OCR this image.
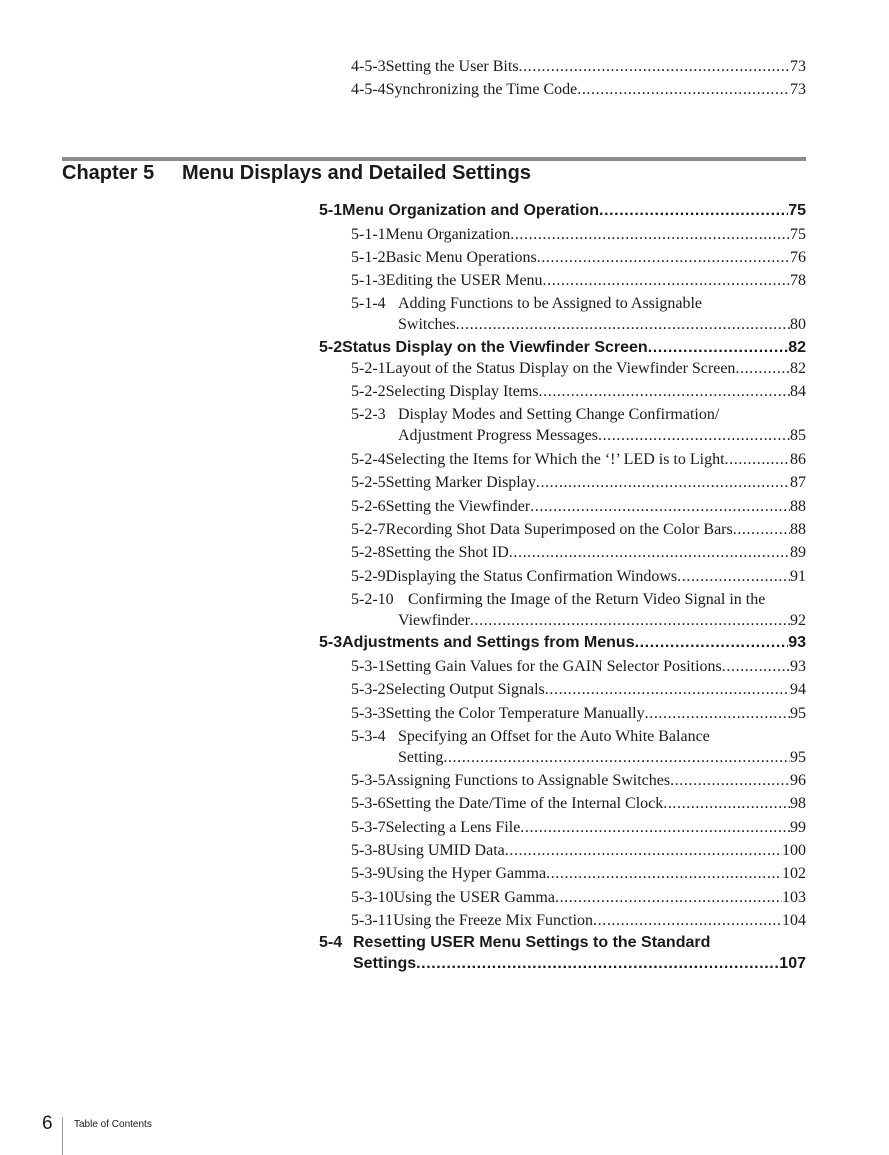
4-5-3 Setting the User Bits .....	73
4-5-4 Synchronizing the Time Code .....	73
Chapter 5 Menu Displays and Detailed Settings
5-1 Menu Organization and Operation .....	75
5-1-1 Menu Organization .....	75
5-1-2 Basic Menu Operations .....	76
5-1-3 Editing the USER Menu .....	78
5-1-4 Adding Functions to be Assigned to Assignable
Switches .....	80
5-2 Status Display on the Viewfinder Screen .....	82
5-2-1 Layout of the Status Display on the Viewfinder Screen .....	82
5-2-2 Selecting Display Items .....	84
5-2-3 Display Modes and Setting Change Confirmation/
Adjustment Progress Messages .....	85
5-2-4 Selecting the Items for Which the ‘!’ LED is to Light .....	86
5-2-5 Setting Marker Display .....	87
5-2-6 Setting the Viewfinder .....	88
5-2-7 Recording Shot Data Superimposed on the Color Bars .....	88
5-2-8 Setting the Shot ID .....	89
5-2-9 Displaying the Status Confirmation Windows .....	91
5-2-10 Confirming the Image of the Return Video Signal in the
Viewfinder .....	92
5-3 Adjustments and Settings from Menus .....	93
5-3-1 Setting Gain Values for the GAIN Selector Positions .....	93
5-3-2 Selecting Output Signals .....	94
5-3-3 Setting the Color Temperature Manually .....	95
5-3-4 Specifying an Offset for the Auto White Balance
Setting .....	95
5-3-5 Assigning Functions to Assignable Switches .....	96
5-3-6 Setting the Date/Time of the Internal Clock .....	98
5-3-7 Selecting a Lens File .....	99
5-3-8 Using UMID Data .....	100
5-3-9 Using the Hyper Gamma .....	102
5-3-10 Using the USER Gamma .....	103
5-3-11 Using the Freeze Mix Function .....	104
5-4 Resetting USER Menu Settings to the Standard
Settings .....	107
6 Table of Contents
